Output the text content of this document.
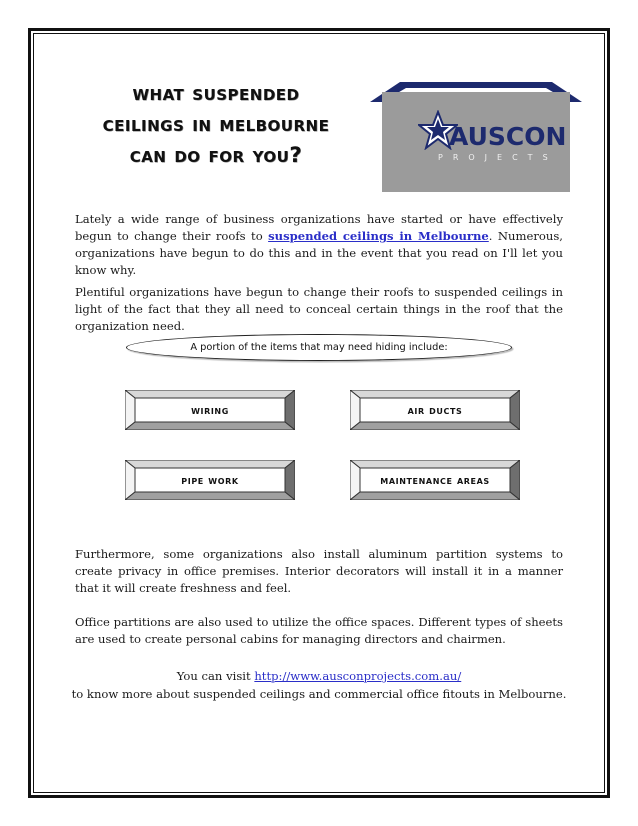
what suspended
ceilings in melbourne
can do for you?
AUSCON
PROJECTS

Lately a wide range of business organizations have started or have effectively begun to change their roofs to suspended ceilings in Melbourne. Numerous, organizations have begun to do this and in the event that you read on I'll let you know why.

Plentiful organizations have begun to change their roofs to suspended ceilings in light of the fact that they all need to conceal certain things in the roof that the organization need.

A portion of the items that may need hiding include:
wiring	air ducts
pipe work	maintenance areas

Furthermore, some organizations also install aluminum partition systems to create privacy in office premises. Interior decorators will install it in a manner that it will create freshness and feel.

Office partitions are also used to utilize the office spaces. Different types of sheets are used to create personal cabins for managing directors and chairmen.

You can visit http://www.ausconprojects.com.au/

to know more about suspended ceilings and commercial office fitouts in Melbourne.
